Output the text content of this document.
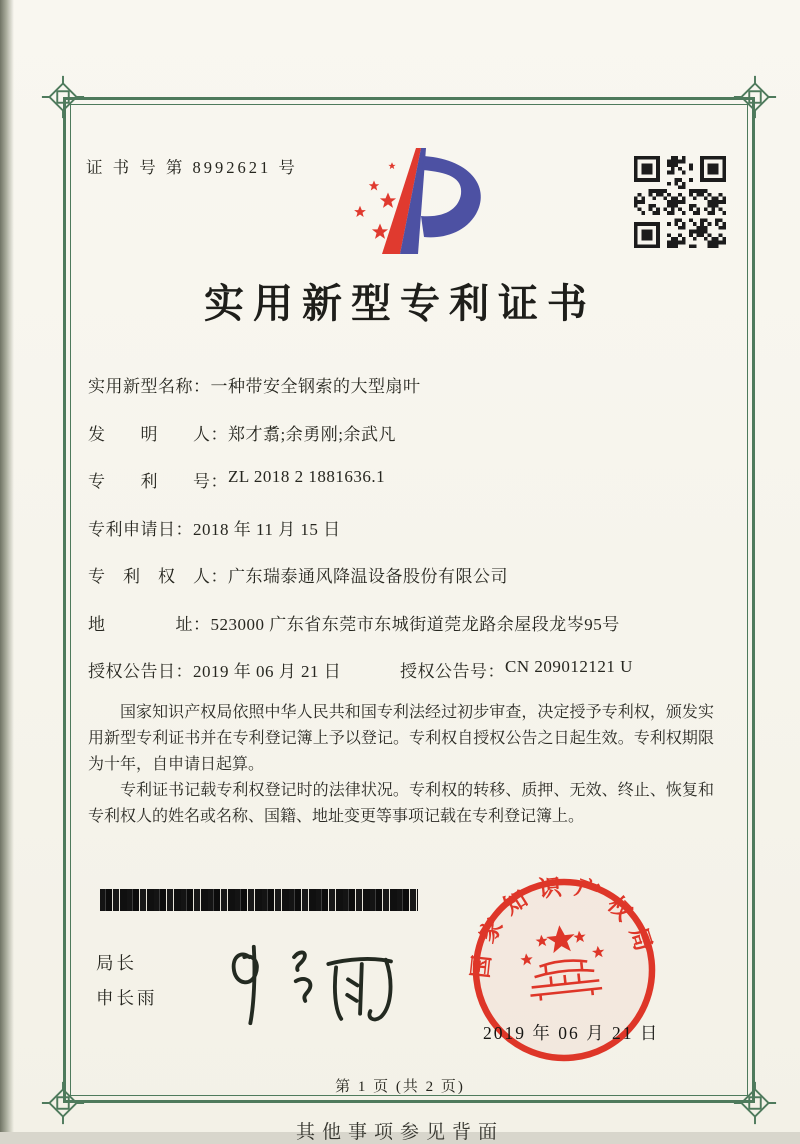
证 书 号 第 8992621 号
实用新型专利证书
实用新型名称： 一种带安全钢索的大型扇叶
发　　明　　人： 郑才翥;余勇刚;余武凡
专　　利　　号： ZL 2018 2 1881636.1
专利申请日： 2018 年 11 月 15 日
专　利　权　人： 广东瑞泰通风降温设备股份有限公司
地　　　　址： 523000 广东省东莞市东城街道莞龙路余屋段龙岑95号
授权公告日： 2019 年 06 月 21 日	授权公告号： CN 209012121 U

国家知识产权局依照中华人民共和国专利法经过初步审查，决定授予专利权，颁发实用新型专利证书并在专利登记簿上予以登记。专利权自授权公告之日起生效。专利权期限为十年，自申请日起算。

专利证书记载专利权登记时的法律状况。专利权的转移、质押、无效、终止、恢复和专利权人的姓名或名称、国籍、地址变更等事项记载在专利登记簿上。

局长
申长雨
国家知识产权局
2019 年 06 月 21 日
第 1 页 (共 2 页)
其他事项参见背面
